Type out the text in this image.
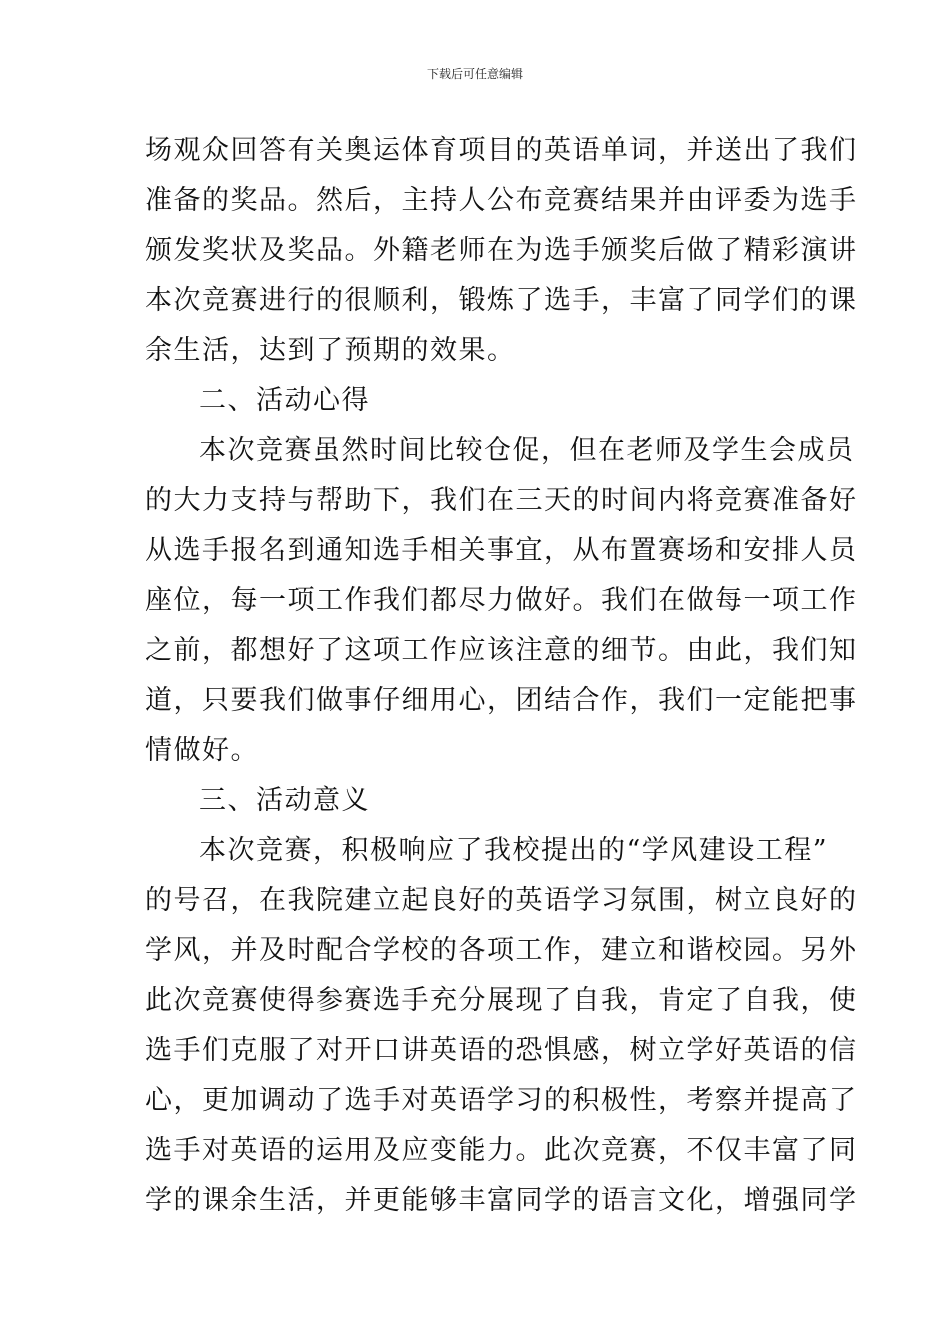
下载后可任意编辑
场观众回答有关奥运体育项目的英语单词，并送出了我们
准备的奖品。然后，主持人公布竞赛结果并由评委为选手
颁发奖状及奖品。外籍老师在为选手颁奖后做了精彩演讲
本次竞赛进行的很顺利，锻炼了选手，丰富了同学们的课
余生活，达到了预期的效果。
二、活动心得
本次竞赛虽然时间比较仓促，但在老师及学生会成员
的大力支持与帮助下，我们在三天的时间内将竞赛准备好
从选手报名到通知选手相关事宜，从布置赛场和安排人员
座位，每一项工作我们都尽力做好。我们在做每一项工作
之前，都想好了这项工作应该注意的细节。由此，我们知
道，只要我们做事仔细用心，团结合作，我们一定能把事
情做好。
三、活动意义
本次竞赛，积极响应了我校提出的“学风建设工程”
的号召，在我院建立起良好的英语学习氛围，树立良好的
学风，并及时配合学校的各项工作，建立和谐校园。另外
此次竞赛使得参赛选手充分展现了自我，肯定了自我，使
选手们克服了对开口讲英语的恐惧感，树立学好英语的信
心，更加调动了选手对英语学习的积极性，考察并提高了
选手对英语的运用及应变能力。此次竞赛，不仅丰富了同
学的课余生活，并更能够丰富同学的语言文化，增强同学
